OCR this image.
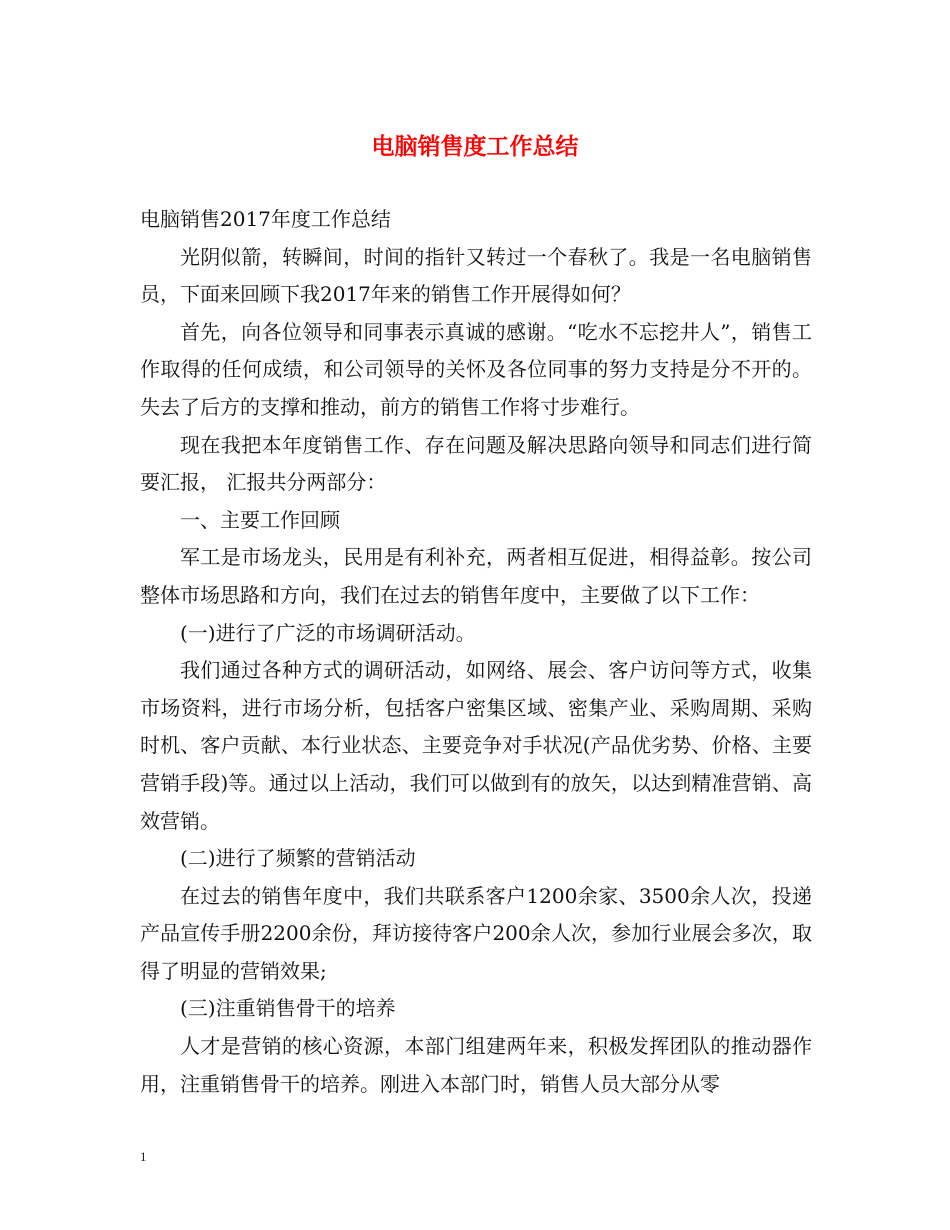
电脑销售度工作总结

电脑销售2017年度工作总结

光阴似箭，转瞬间，时间的指针又转过一个春秋了。我是一名电脑销售员，下面来回顾下我2017年来的销售工作开展得如何？

首先，向各位领导和同事表示真诚的感谢。“吃水不忘挖井人”，销售工作取得的任何成绩，和公司领导的关怀及各位同事的努力支持是分不开的。失去了后方的支撑和推动，前方的销售工作将寸步难行。

现在我把本年度销售工作、存在问题及解决思路向领导和同志们进行简要汇报， 汇报共分两部分：

一、主要工作回顾

军工是市场龙头，民用是有利补充，两者相互促进，相得益彰。按公司整体市场思路和方向，我们在过去的销售年度中，主要做了以下工作：

(一)进行了广泛的市场调研活动。

我们通过各种方式的调研活动，如网络、展会、客户访问等方式，收集市场资料，进行市场分析，包括客户密集区域、密集产业、采购周期、采购时机、客户贡献、本行业状态、主要竞争对手状况(产品优劣势、价格、主要营销手段)等。通过以上活动，我们可以做到有的放矢，以达到精准营销、高效营销。

(二)进行了频繁的营销活动

在过去的销售年度中，我们共联系客户1200余家、3500余人次，投递产品宣传手册2200余份，拜访接待客户200余人次，参加行业展会多次，取得了明显的营销效果;

(三)注重销售骨干的培养

人才是营销的核心资源，本部门组建两年来，积极发挥团队的推动器作用，注重销售骨干的培养。刚进入本部门时，销售人员大部分从零

1
